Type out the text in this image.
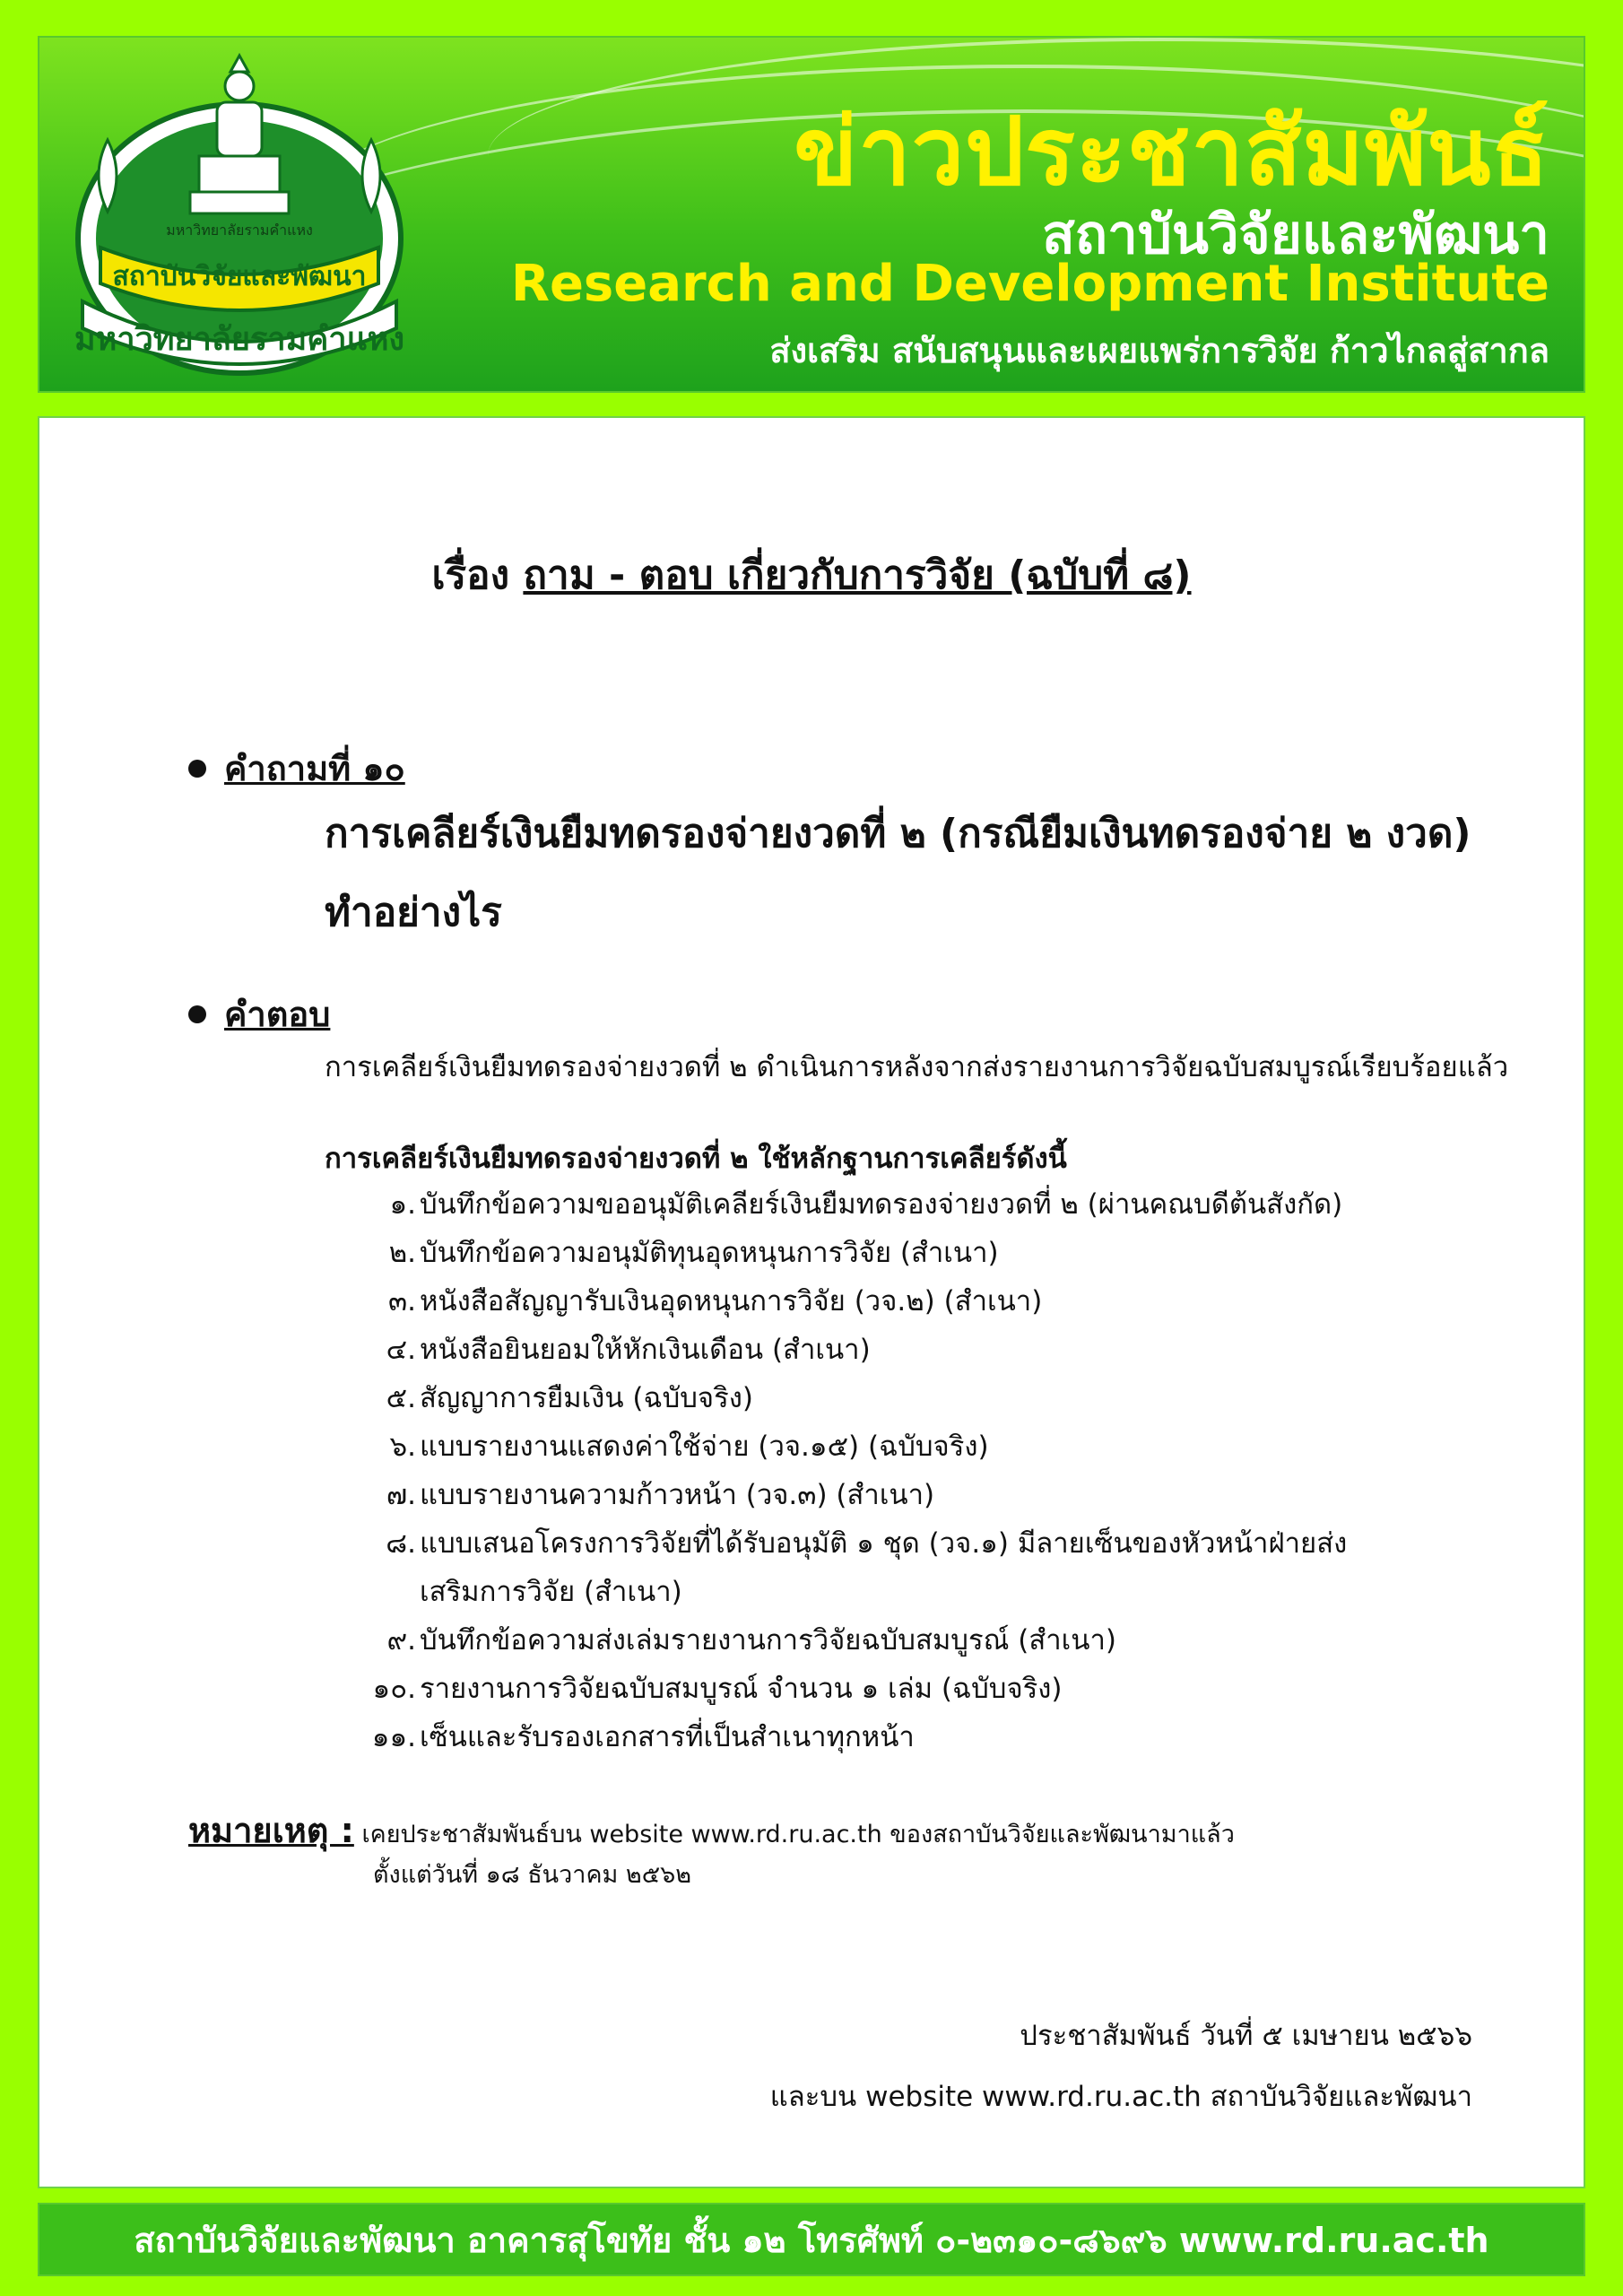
มหาวิทยาลัยรามคำแหง
สถาบันวิจัยและพัฒนา
มหาวิทยาลัยรามคำแหง
ข่าวประชาสัมพันธ์
สถาบันวิจัยและพัฒนา
Research and Development Institute
ส่งเสริม สนับสนุนและเผยแพร่การวิจัย ก้าวไกลสู่สากล
เรื่อง ถาม - ตอบ เกี่ยวกับการวิจัย (ฉบับที่ ๘)
คำถามที่ ๑๐
การเคลียร์เงินยืมทดรองจ่ายงวดที่ ๒ (กรณียืมเงินทดรองจ่าย ๒ งวด) ทำอย่างไร
คำตอบ
การเคลียร์เงินยืมทดรองจ่ายงวดที่ ๒ ดำเนินการหลังจากส่งรายงานการวิจัยฉบับสมบูรณ์เรียบร้อยแล้ว
การเคลียร์เงินยืมทดรองจ่ายงวดที่ ๒ ใช้หลักฐานการเคลียร์ดังนี้
๑. บันทึกข้อความขออนุมัติเคลียร์เงินยืมทดรองจ่ายงวดที่ ๒ (ผ่านคณบดีต้นสังกัด)
๒. บันทึกข้อความอนุมัติทุนอุดหนุนการวิจัย (สำเนา)
๓. หนังสือสัญญารับเงินอุดหนุนการวิจัย (วจ.๒) (สำเนา)
๔. หนังสือยินยอมให้หักเงินเดือน (สำเนา)
๕. สัญญาการยืมเงิน (ฉบับจริง)
๖. แบบรายงานแสดงค่าใช้จ่าย (วจ.๑๕) (ฉบับจริง)
๗. แบบรายงานความก้าวหน้า (วจ.๓) (สำเนา)
๘. แบบเสนอโครงการวิจัยที่ได้รับอนุมัติ ๑ ชุด (วจ.๑) มีลายเซ็นของหัวหน้าฝ่ายส่งเสริมการวิจัย (สำเนา)
๙. บันทึกข้อความส่งเล่มรายงานการวิจัยฉบับสมบูรณ์ (สำเนา)
๑๐. รายงานการวิจัยฉบับสมบูรณ์ จำนวน ๑ เล่ม (ฉบับจริง)
๑๑. เซ็นและรับรองเอกสารที่เป็นสำเนาทุกหน้า
หมายเหตุ : เคยประชาสัมพันธ์บน website www.rd.ru.ac.th ของสถาบันวิจัยและพัฒนามาแล้ว
ตั้งแต่วันที่ ๑๘ ธันวาคม ๒๕๖๒
ประชาสัมพันธ์ วันที่ ๕ เมษายน ๒๕๖๖
และบน website www.rd.ru.ac.th สถาบันวิจัยและพัฒนา
สถาบันวิจัยและพัฒนา อาคารสุโขทัย ชั้น ๑๒ โทรศัพท์ ๐-๒๓๑๐-๘๖๙๖ www.rd.ru.ac.th
